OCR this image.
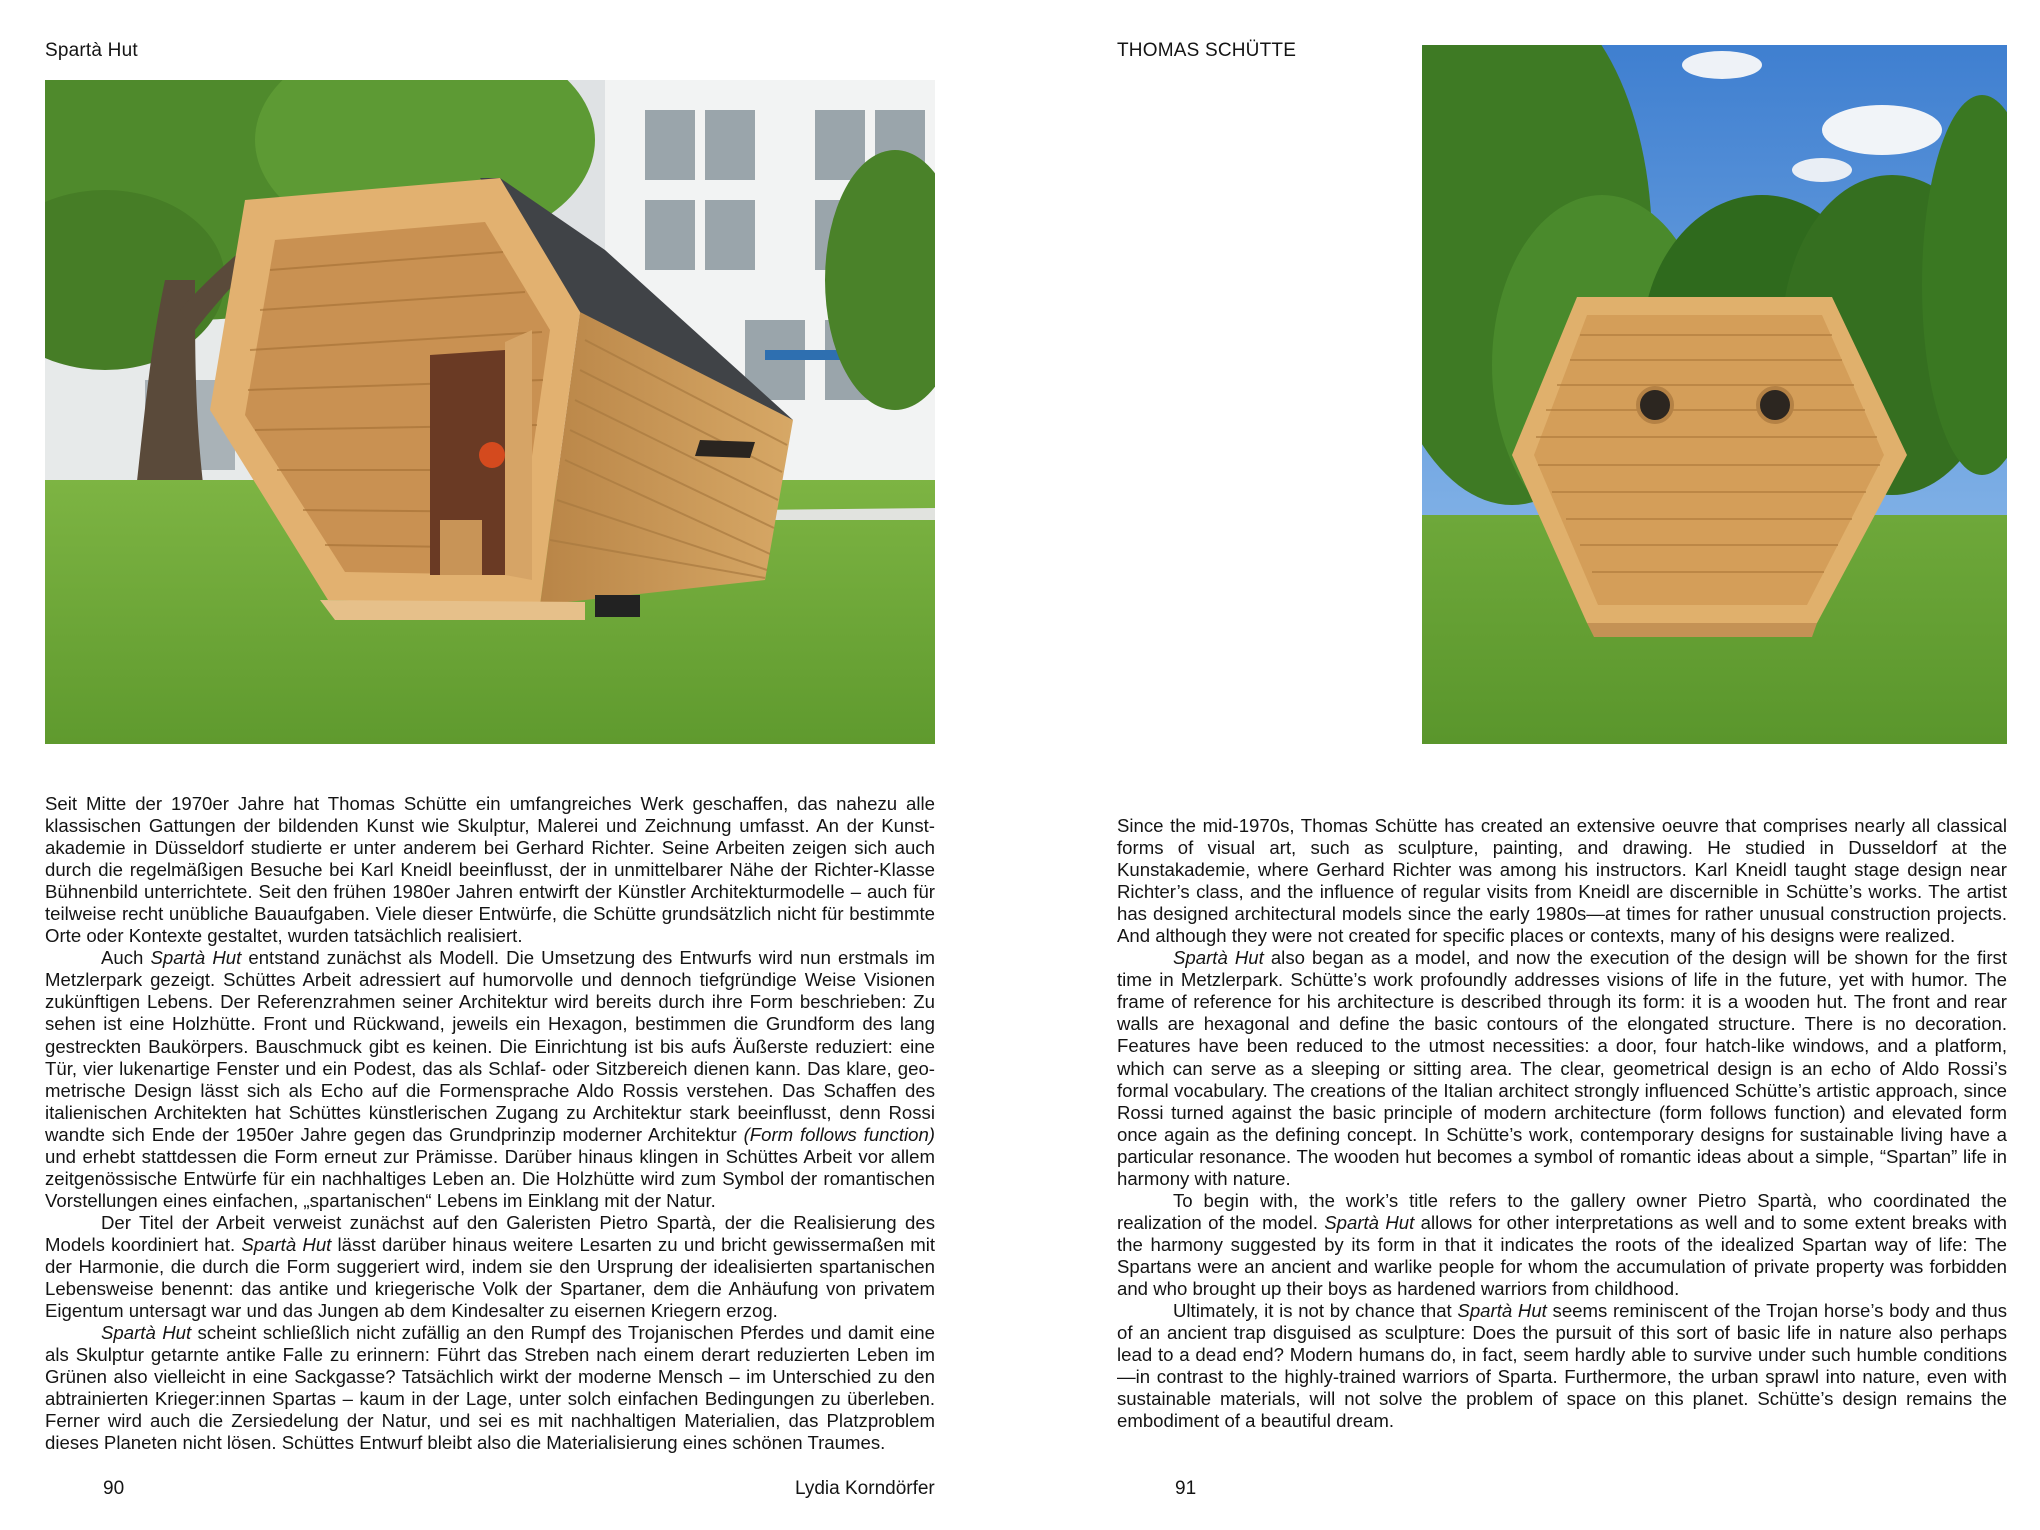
Spartà Hut

Seit Mitte der 1970er Jahre hat Thomas Schütte ein umfangreiches Werk geschaffen, das nahezu alle klassischen Gattungen der bildenden Kunst wie Skulptur, Malerei und Zeichnung umfasst. An der Kunstakademie in Düsseldorf studierte er unter anderem bei Gerhard Richter. Seine Arbeiten zeigen sich auch durch die regelmäßigen Besuche bei Karl Kneidl beeinflusst, der in unmittelbarer Nähe der Richter-Klasse Bühnenbild unterrichtete. Seit den frühen 1980er Jahren entwirft der Künstler Architekturmodelle – auch für teilweise recht unübliche Bauaufgaben. Viele dieser Entwürfe, die Schütte grundsätzlich nicht für bestimmte Orte oder Kontexte gestaltet, wurden tatsächlich realisiert.

Auch Spartà Hut entstand zunächst als Modell. Die Umsetzung des Entwurfs wird nun erstmals im Metzlerpark gezeigt. Schüttes Arbeit adressiert auf humorvolle und dennoch tiefgründige Weise Visionen zukünftigen Lebens. Der Referenzrahmen seiner Architektur wird bereits durch ihre Form beschrieben: Zu sehen ist eine Holzhütte. Front und Rückwand, jeweils ein Hexagon, bestimmen die Grundform des lang gestreckten Baukörpers. Bauschmuck gibt es keinen. Die Einrichtung ist bis aufs Äußerste reduziert: eine Tür, vier lukenartige Fenster und ein Podest, das als Schlaf- oder Sitzbereich dienen kann. Das klare, geometrische Design lässt sich als Echo auf die Formensprache Aldo Rossis verstehen. Das Schaffen des italienischen Architekten hat Schüttes künstlerischen Zugang zu Architektur stark beeinflusst, denn Rossi wandte sich Ende der 1950er Jahre gegen das Grundprinzip moderner Architektur (Form follows function) und erhebt stattdessen die Form erneut zur Prämisse. Darüber hinaus klingen in Schüttes Arbeit vor allem zeitgenössische Entwürfe für ein nachhaltiges Leben an. Die Holzhütte wird zum Symbol der romantischen Vorstellungen eines einfachen, „spartanischen“ Lebens im Einklang mit der Natur.

Der Titel der Arbeit verweist zunächst auf den Galeristen Pietro Spartà, der die Realisierung des Models koordiniert hat. Spartà Hut lässt darüber hinaus weitere Lesarten zu und bricht gewissermaßen mit der Harmonie, die durch die Form suggeriert wird, indem sie den Ursprung der idealisierten spartanischen Lebensweise benennt: das antike und kriegerische Volk der Spartaner, dem die Anhäufung von privatem Eigentum untersagt war und das Jungen ab dem Kindesalter zu eisernen Kriegern erzog.

Spartà Hut scheint schließlich nicht zufällig an den Rumpf des Trojanischen Pferdes und damit eine als Skulptur getarnte antike Falle zu erinnern: Führt das Streben nach einem derart reduzierten Leben im Grünen also vielleicht in eine Sackgasse? Tatsächlich wirkt der moderne Mensch – im Unterschied zu den abtrainierten Krieger:innen Spartas – kaum in der Lage, unter solch einfachen Bedingungen zu überleben. Ferner wird auch die Zersiedelung der Natur, und sei es mit nachhaltigen Materialien, das Platzproblem dieses Planeten nicht lösen. Schüttes Entwurf bleibt also die Materialisierung eines schönen Traumes.

90	Lydia Korndörfer
THOMAS SCHÜTTE

Since the mid-1970s, Thomas Schütte has created an extensive oeuvre that comprises nearly all classical forms of visual art, such as sculpture, painting, and drawing. He studied in Dusseldorf at the Kunstakademie, where Gerhard Richter was among his instructors. Karl Kneidl taught stage design near Richter’s class, and the influence of regular visits from Kneidl are discernible in Schütte’s works. The artist has designed architectural models since the early 1980s—at times for rather unusual construction projects. And although they were not created for specific places or contexts, many of his designs were realized.

Spartà Hut also began as a model, and now the execution of the design will be shown for the first time in Metzlerpark. Schütte’s work profoundly addresses visions of life in the future, yet with humor. The frame of reference for his architecture is described through its form: it is a wooden hut. The front and rear walls are hexagonal and define the basic contours of the elongated structure. There is no decoration. Features have been reduced to the utmost necessities: a door, four hatch-like windows, and a platform, which can serve as a sleeping or sitting area. The clear, geometrical design is an echo of Aldo Rossi’s formal vocabulary. The creations of the Italian architect strongly influenced Schütte’s artistic approach, since Rossi turned against the basic principle of modern architecture (form follows function) and elevated form once again as the defining concept. In Schütte’s work, contemporary designs for sustainable living have a particular resonance. The wooden hut becomes a symbol of romantic ideas about a simple, “Spartan” life in harmony with nature.

To begin with, the work’s title refers to the gallery owner Pietro Spartà, who coordinated the realization of the model. Spartà Hut allows for other interpretations as well and to some extent breaks with the harmony suggested by its form in that it indicates the roots of the idealized Spartan way of life: The Spartans were an ancient and warlike people for whom the accumulation of private property was forbidden and who brought up their boys as hardened warriors from childhood.

Ultimately, it is not by chance that Spartà Hut seems reminiscent of the Trojan horse’s body and thus of an ancient trap disguised as sculpture: Does the pursuit of this sort of basic life in nature also perhaps lead to a dead end? Modern humans do, in fact, seem hardly able to survive under such humble conditions—in contrast to the highly-trained warriors of Sparta. Furthermore, the urban sprawl into nature, even with sustainable materials, will not solve the problem of space on this planet. Schütte’s design remains the embodiment of a beautiful dream.

91
